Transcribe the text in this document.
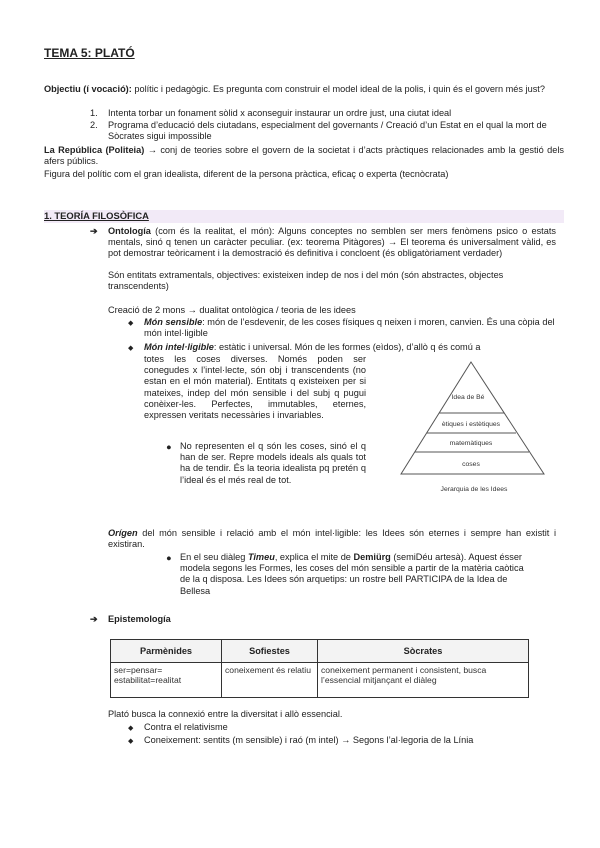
TEMA 5: PLATÓ
Objectiu (í vocació): polític i pedagògic. Es pregunta com construir el model ideal de la polis, i quin és el govern més just?
1. Intenta torbar un fonament sòlid x aconseguir instaurar un ordre just, una ciutat ideal
2. Programa d’educació dels ciutadans, especialment del governants / Creació d’un Estat en el qual la mort de Sòcrates sigui impossible
La República (Politeia) → conj de teories sobre el govern de la societat i d’acts pràctiques relacionades amb la gestió dels afers públics.
Figura del polític com el gran idealista, diferent de la persona pràctica, eficaç o experta (tecnòcrata)
1. TEORÍA FILOSÒFICA
➔ Ontología (com és la realitat, el món): Alguns conceptes no semblen ser mers fenòmens psico o estats mentals, sinó q tenen un caràcter peculiar. (ex: teorema Pitàgores) → El teorema és universalment vàlid, es pot demostrar teòricament i la demostració és definitiva i concloent (és obligatòriament verdader)
Són entitats extramentals, objectives: existeixen indep de nos i del món (són abstractes, objectes transcendents)
Creació de 2 mons → dualitat ontològica / teoria de les idees
◆ Món sensible: món de l’esdevenir, de les coses físiques q neixen i moren, canvien. És una còpia del món intel·ligible
◆ Món intel·ligible: estàtic i universal. Món de les formes (eìdos), d’allò q és comú a
totes les coses diverses. Només poden ser conegudes x l’intel·lecte, són obj i transcendents (no estan en el món material). Entitats q existeixen per si mateixes, indep del món sensible i del subj q pugui conèixer-les. Perfectes, immutables, eternes, expressen veritats necessàries i invariables.
● No representen el q són les coses, sinó el q han de ser. Repre models ideals als quals tot ha de tendir. És la teoria idealista pq pretén q l’ideal és el més real de tot.
Idea de Bé
ètiques i estètiques
matemàtiques
coses
Jerarquia de les Idees
Orígen del món sensible i relació amb el món intel·ligible: les Idees són eternes i sempre han existit i existiran.
● En el seu diàleg Timeu, explica el mite de Demiürg (semiDéu artesà). Aquest ésser modela segons les Formes, les coses del món sensible a partir de la matèria caòtica de la q disposa. Les Idees són arquetips: un rostre bell PARTICIPA de la Idea de Bellesa
➔ Epistemología
Parmènides	Sofiestes	Sòcrates
ser=pensar= estabilitat=realitat	coneixement és relatiu	coneixement permanent i consistent, busca l’essencial mitjançant el diàleg
Plató busca la connexió entre la diversitat i allò essencial.
◆ Contra el relativisme
◆ Coneixement: sentits (m sensible) i raó (m intel) → Segons l’al·legoria de la Línia
